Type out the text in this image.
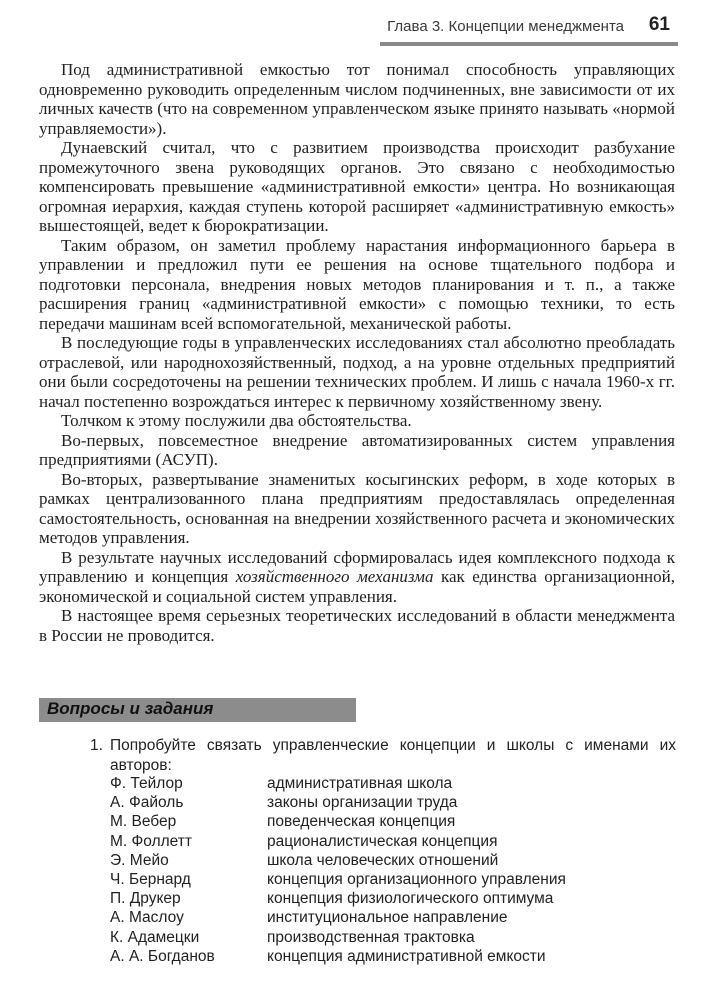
Глава 3. Концепции менеджмента 61

Под административной емкостью тот понимал способность управляющих одновременно руководить определенным числом подчиненных, вне зависимости от их личных качеств (что на современном управленческом языке принято называть «нормой управляемости»).

Дунаевский считал, что с развитием производства происходит разбухание промежуточного звена руководящих органов. Это связано с необходимостью компенсировать превышение «административной емкости» центра. Но возникающая огромная иерархия, каждая ступень которой расширяет «административную емкость» вышестоящей, ведет к бюрократизации.

Таким образом, он заметил проблему нарастания информационного барьера в управлении и предложил пути ее решения на основе тщательного подбора и подготовки персонала, внедрения новых методов планирования и т. п., а также расширения границ «административной емкости» с помощью техники, то есть передачи машинам всей вспомогательной, механической работы.

В последующие годы в управленческих исследованиях стал абсолютно преобладать отраслевой, или народнохозяйственный, подход, а на уровне отдельных предприятий они были сосредоточены на решении технических проблем. И лишь с начала 1960-х гг. начал постепенно возрождаться интерес к первичному хозяйственному звену.

Толчком к этому послужили два обстоятельства.

Во-первых, повсеместное внедрение автоматизированных систем управления предприятиями (АСУП).

Во-вторых, развертывание знаменитых косыгинских реформ, в ходе которых в рамках централизованного плана предприятиям предоставлялась определенная самостоятельность, основанная на внедрении хозяйственного расчета и экономических методов управления.

В результате научных исследований сформировалась идея комплексного подхода к управлению и концепция хозяйственного механизма как единства организационной, экономической и социальной систем управления.

В настоящее время серьезных теоретических исследований в области менеджмента в России не проводится.

Вопросы и задания
1. Попробуйте связать управленческие концепции и школы с именами их авторов:
Ф. Тейлор	административная школа
А. Файоль	законы организации труда
М. Вебер	поведенческая концепция
М. Фоллетт	рационалистическая концепция
Э. Мейо	школа человеческих отношений
Ч. Бернард	концепция организационного управления
П. Друкер	концепция физиологического оптимума
А. Маслоу	институциональное направление
К. Адамецки	производственная трактовка
А. А. Богданов	концепция административной емкости
